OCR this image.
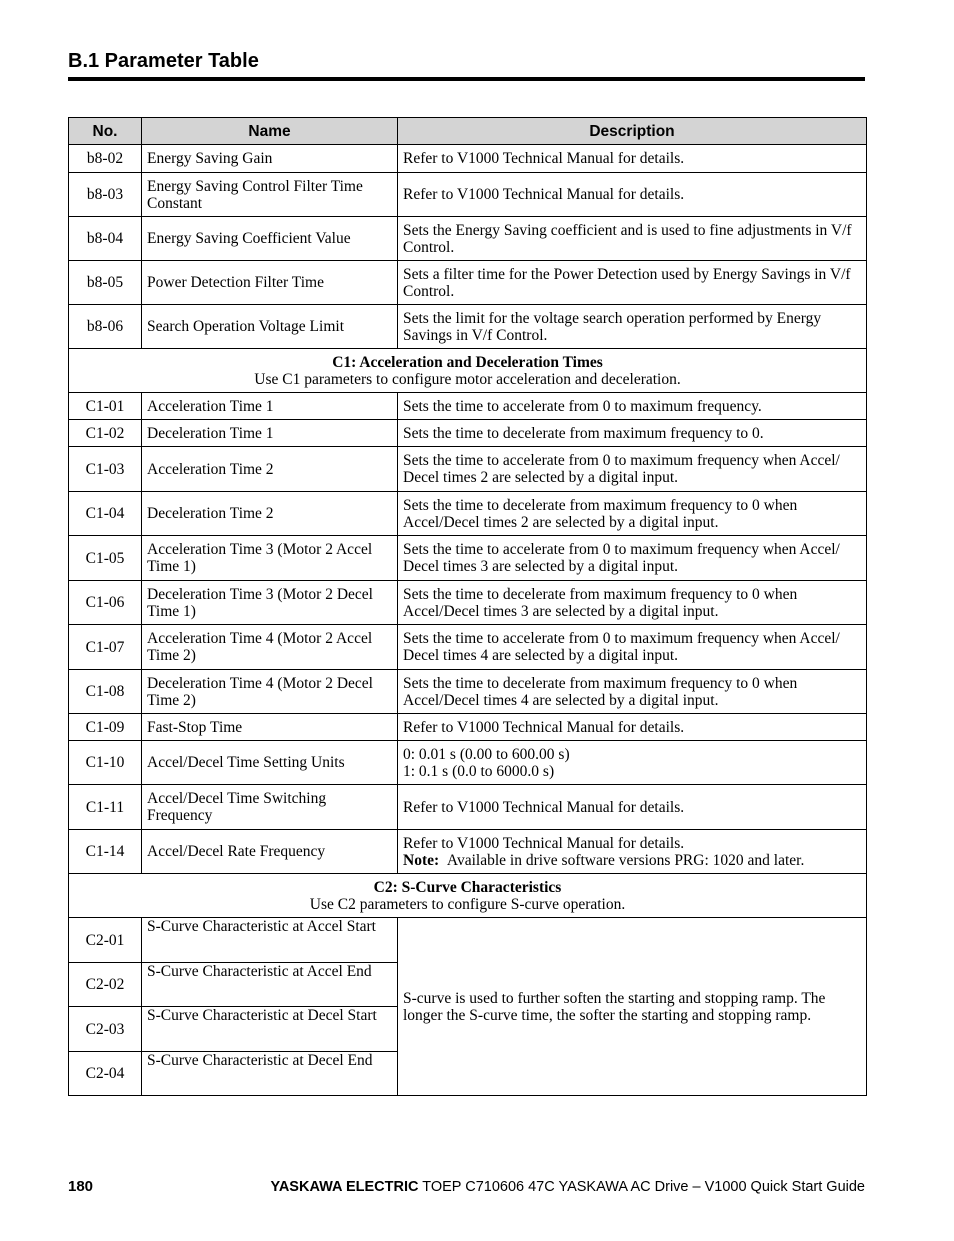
B.1 Parameter Table
No.	Name	Description
b8-02	Energy Saving Gain	Refer to V1000 Technical Manual for details.
b8-03	Energy Saving Control Filter Time Constant	Refer to V1000 Technical Manual for details.
b8-04	Energy Saving Coefficient Value	Sets the Energy Saving coefficient and is used to fine adjustments in V/f Control.
b8-05	Power Detection Filter Time	Sets a filter time for the Power Detection used by Energy Savings in V/f Control.
b8-06	Search Operation Voltage Limit	Sets the limit for the voltage search operation performed by Energy Savings in V/f Control.

C1: Acceleration and Deceleration Times
Use C1 parameters to configure motor acceleration and deceleration.		

C1-01	Acceleration Time 1	Sets the time to accelerate from 0 to maximum frequency.
C1-02	Deceleration Time 1	Sets the time to decelerate from maximum frequency to 0.
C1-03	Acceleration Time 2	Sets the time to accelerate from 0 to maximum frequency when Accel/ Decel times 2 are selected by a digital input.
C1-04	Deceleration Time 2	Sets the time to decelerate from maximum frequency to 0 when Accel/Decel times 2 are selected by a digital input.
C1-05	Acceleration Time 3 (Motor 2 Accel Time 1)	Sets the time to accelerate from 0 to maximum frequency when Accel/ Decel times 3 are selected by a digital input.
C1-06	Deceleration Time 3 (Motor 2 Decel Time 1)	Sets the time to decelerate from maximum frequency to 0 when Accel/Decel times 3 are selected by a digital input.
C1-07	Acceleration Time 4 (Motor 2 Accel Time 2)	Sets the time to accelerate from 0 to maximum frequency when Accel/ Decel times 4 are selected by a digital input.
C1-08	Deceleration Time 4 (Motor 2 Decel Time 2)	Sets the time to decelerate from maximum frequency to 0 when Accel/Decel times 4 are selected by a digital input.
C1-09	Fast-Stop Time	Refer to V1000 Technical Manual for details.
C1-10	Accel/Decel Time Setting Units	0: 0.01 s (0.00 to 600.00 s)
1: 0.1 s (0.0 to 6000.0 s)

C1-11	Accel/Decel Time Switching Frequency	Refer to V1000 Technical Manual for details.
C1-14	Accel/Decel Rate Frequency	Refer to V1000 Technical Manual for details.
Note: Available in drive software versions PRG: 1020 and later.

C2: S-Curve Characteristics
Use C2 parameters to configure S-curve operation.		

C2-01	S-Curve Characteristic at Accel Start	S-curve is used to further soften the starting and stopping ramp. The longer the S-curve time, the softer the starting and stopping ramp.
C2-02	S-Curve Characteristic at Accel End	
C2-03	S-Curve Characteristic at Decel Start	
C2-04	S-Curve Characteristic at Decel End	
180	YASKAWA ELECTRIC TOEP C710606 47C YASKAWA AC Drive – V1000 Quick Start Guide
